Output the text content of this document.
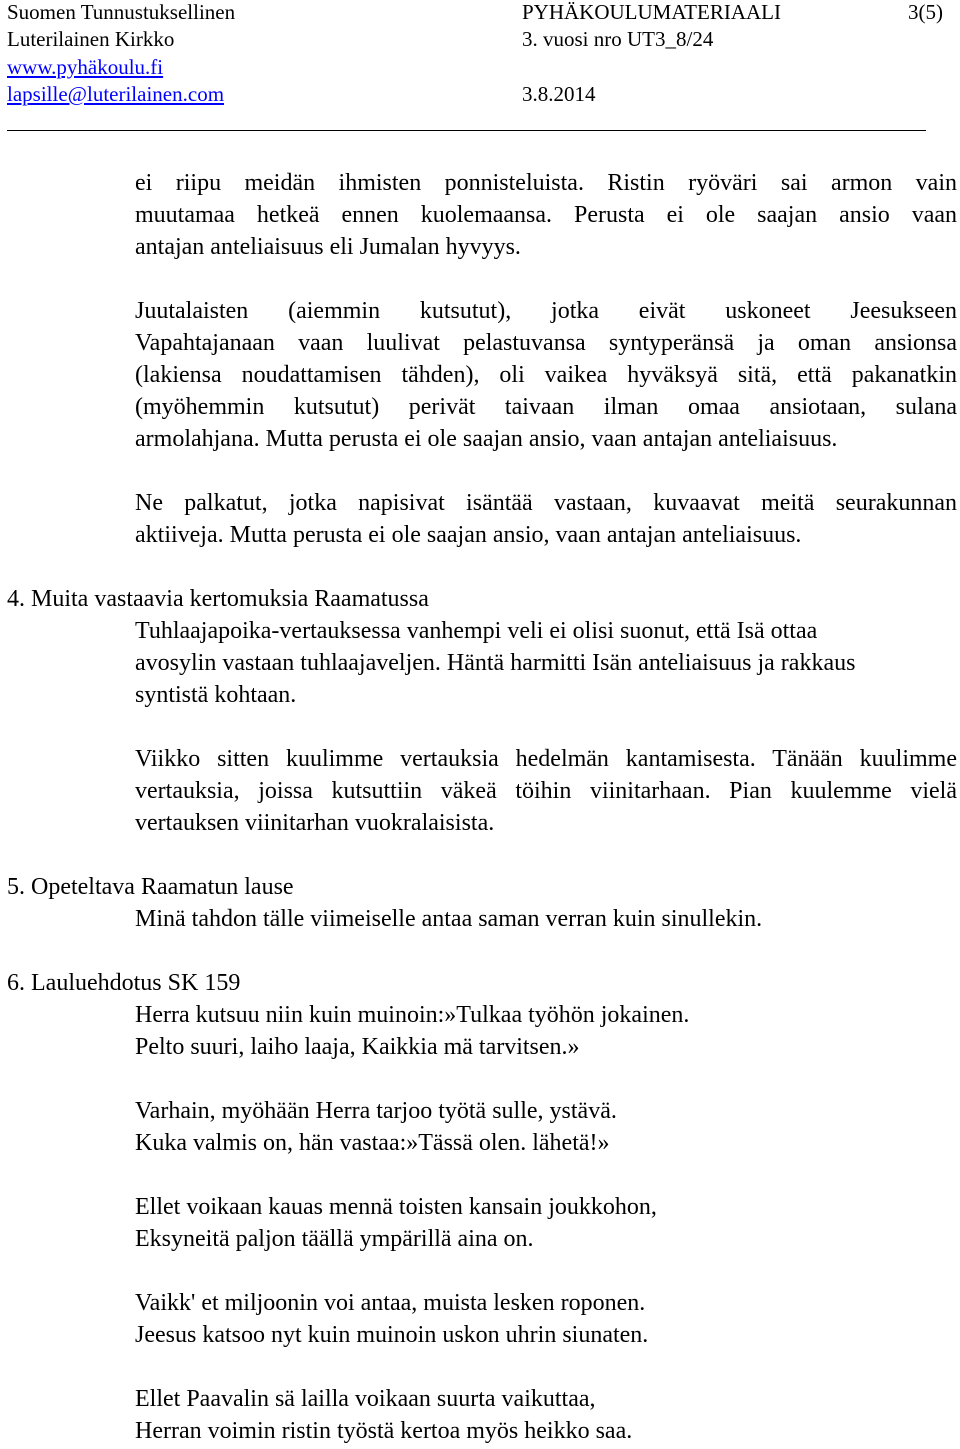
Suomen Tunnustuksellinen
Luterilainen Kirkko
www.pyhäkoulu.fi
lapsille@luterilainen.com
PYHÄKOULUMATERIAALI
3. vuosi nro UT3_8/24
3.8.2014
3(5)
ei riipu meidän ihmisten ponnisteluista. Ristin ryöväri sai armon vain
muutamaa hetkeä ennen kuolemaansa. Perusta ei ole saajan ansio vaan
antajan anteliaisuus eli Jumalan hyvyys.
Juutalaisten (aiemmin kutsutut), jotka eivät uskoneet Jeesukseen
Vapahtajanaan vaan luulivat pelastuvansa syntyperänsä ja oman ansionsa
(lakiensa noudattamisen tähden), oli vaikea hyväksyä sitä, että pakanatkin
(myöhemmin kutsutut) perivät taivaan ilman omaa ansiotaan, sulana
armolahjana. Mutta perusta ei ole saajan ansio, vaan antajan anteliaisuus.
Ne palkatut, jotka napisivat isäntää vastaan, kuvaavat meitä seurakunnan
aktiiveja. Mutta perusta ei ole saajan ansio, vaan antajan anteliaisuus.
4. Muita vastaavia kertomuksia Raamatussa
Tuhlaajapoika-vertauksessa vanhempi veli ei olisi suonut, että Isä ottaa
avosylin vastaan tuhlaajaveljen. Häntä harmitti Isän anteliaisuus ja rakkaus
syntistä kohtaan.
Viikko sitten kuulimme vertauksia hedelmän kantamisesta. Tänään kuulimme
vertauksia, joissa kutsuttiin väkeä töihin viinitarhaan. Pian kuulemme vielä
vertauksen viinitarhan vuokralaisista.
5. Opeteltava Raamatun lause
Minä tahdon tälle viimeiselle antaa saman verran kuin sinullekin.
6. Lauluehdotus SK 159
Herra kutsuu niin kuin muinoin:»Tulkaa työhön jokainen.
Pelto suuri, laiho laaja, Kaikkia mä tarvitsen.»
Varhain, myöhään Herra tarjoo työtä sulle, ystävä.
Kuka valmis on, hän vastaa:»Tässä olen. lähetä!»
Ellet voikaan kauas mennä toisten kansain joukkohon,
Eksyneitä paljon täällä ympärillä aina on.
Vaikk' et miljoonin voi antaa, muista lesken roponen.
Jeesus katsoo nyt kuin muinoin uskon uhrin siunaten.
Ellet Paavalin sä lailla voikaan suurta vaikuttaa,
Herran voimin ristin työstä kertoa myös heikko saa.
